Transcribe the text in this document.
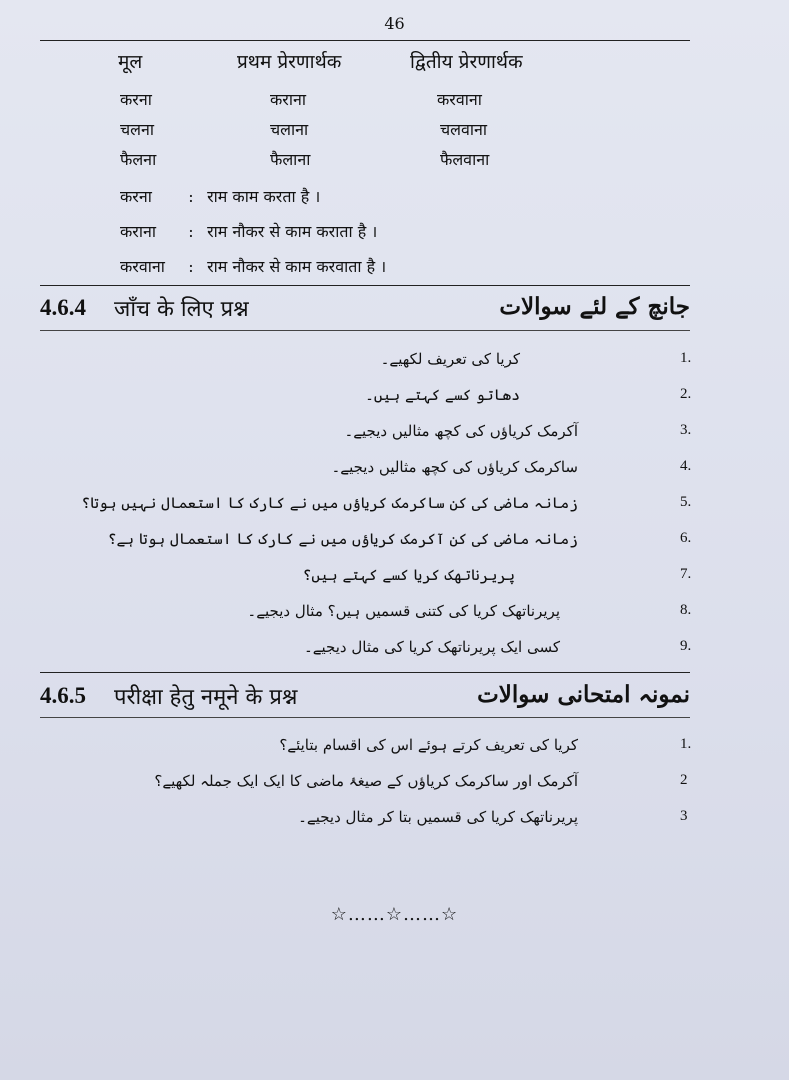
46
मूल	प्रथम प्रेरणार्थक	द्वितीय प्रेरणार्थक
करना	कराना	करवाना
चलना	चलाना	चलवाना
फैलना	फैलाना	फैलवाना
करना : राम काम करता है ।
कराना : राम नौकर से काम कराता है ।
करवाना : राम नौकर से काम करवाता है ।
4.6.4 जाँच के लिए प्रश्न	جانچ کے لئے سوالات
1.
کریا کی تعریف لکھیے۔
2.
دھاتو کسے کہتے ہیں۔
3.
آکرمک کریاؤں کی کچھ مثالیں دیجیے۔
4.
ساکرمک کریاؤں کی کچھ مثالیں دیجیے۔
5.
زمانہ ماضی کی کن ساکرمک کریاؤں میں نے کارک کا استعمال نہیں ہوتا؟
6.
زمانہ ماضی کی کن آکرمک کریاؤں میں نے کارک کا استعمال ہوتا ہے؟
7.
پریرناتھک کریا کسے کہتے ہیں؟
8.
پریرناتھک کریا کی کتنی قسمیں ہیں؟ مثال دیجیے۔
9.
کسی ایک پریرناتھک کریا کی مثال دیجیے۔
4.6.5 परीक्षा हेतु नमूने के प्रश्न	نمونہ امتحانی سوالات
1.
کریا کی تعریف کرتے ہوئے اس کی اقسام بتایئے؟
2
آکرمک اور ساکرمک کریاؤں کے صیغۂ ماضی کا ایک ایک جملہ لکھیے؟
3
پریرناتھک کریا کی قسمیں بتا کر مثال دیجیے۔
☆……☆……☆
